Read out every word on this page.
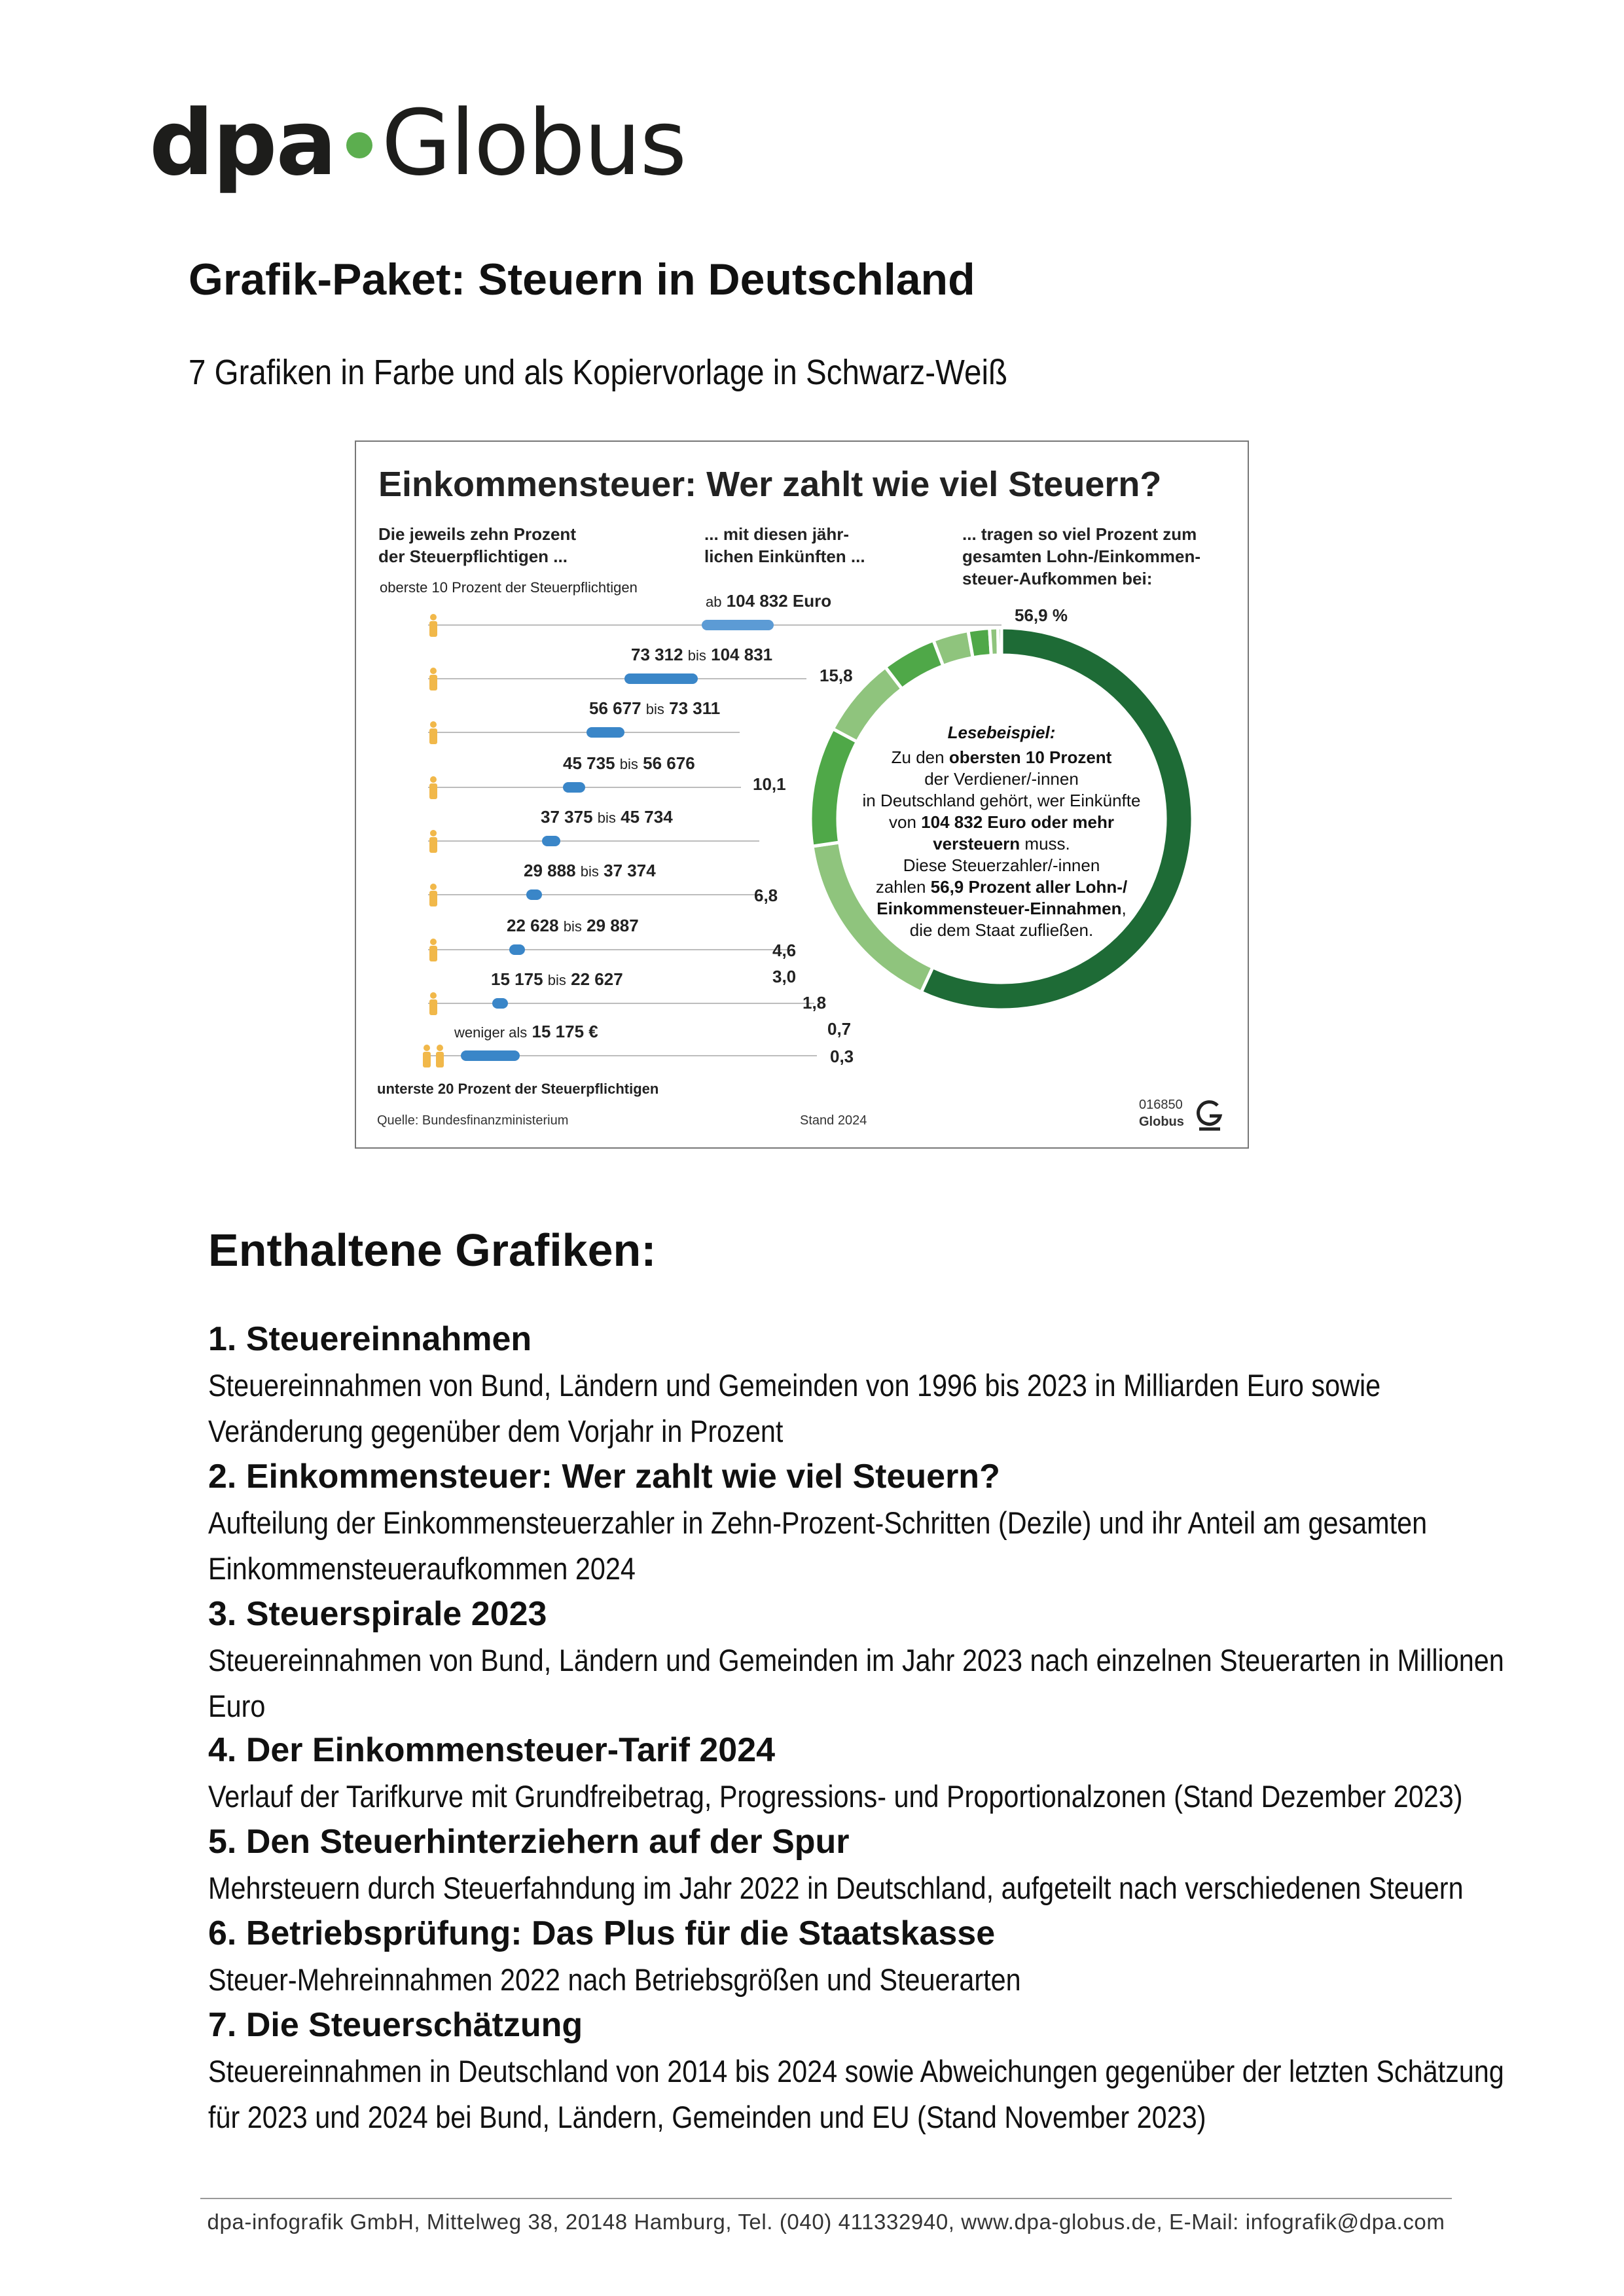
dpa Globus
Grafik-Paket: Steuern in Deutschland
7 Grafiken in Farbe und als Kopiervorlage in Schwarz-Weiß
Einkommensteuer: Wer zahlt wie viel Steuern?
Die jeweils zehn Prozent
der Steuerpflichtigen ...
... mit diesen jähr-
lichen Einkünften ...
... tragen so viel Prozent zum
gesamten Lohn-/Einkommen-
steuer-Aufkommen bei:
oberste 10 Prozent der Steuerpflichtigen
unterste 20 Prozent der Steuerpflichtigen
ab 104 832 Euro
56,9 %
73 312 bis 104 831
15,8
56 677 bis 73 311
10,1
45 735 bis 56 676
6,8
37 375 bis 45 734
4,6
29 888 bis 37 374
3,0
22 628 bis 29 887
1,8
15 175 bis 22 627
0,7
weniger als 15 175 €
0,3
Lesebeispiel:
Zu den obersten 10 Prozent
der Verdiener/-innen
in Deutschland gehört, wer Einkünfte
von 104 832 Euro oder mehr
versteuern muss.
Diese Steuerzahler/-innen
zahlen 56,9 Prozent aller Lohn-/
Einkommensteuer-Einnahmen,
die dem Staat zufließen.
Quelle: Bundesfinanzministerium	Stand 2024
016850
Globus
Enthaltene Grafiken:
1. Steuereinnahmen
Steuereinnahmen von Bund, Ländern und Gemeinden von 1996 bis 2023 in Milliarden Euro sowie
Veränderung gegenüber dem Vorjahr in Prozent
2. Einkommensteuer: Wer zahlt wie viel Steuern?
Aufteilung der Einkommensteuerzahler in Zehn-Prozent-Schritten (Dezile) und ihr Anteil am gesamten
Einkommensteueraufkommen 2024
3. Steuerspirale 2023
Steuereinnahmen von Bund, Ländern und Gemeinden im Jahr 2023 nach einzelnen Steuerarten in Millionen
Euro
4. Der Einkommensteuer-Tarif 2024
Verlauf der Tarifkurve mit Grundfreibetrag, Progressions- und Proportionalzonen (Stand Dezember 2023)
5. Den Steuerhinterziehern auf der Spur
Mehrsteuern durch Steuerfahndung im Jahr 2022 in Deutschland, aufgeteilt nach verschiedenen Steuern
6. Betriebsprüfung: Das Plus für die Staatskasse
Steuer-Mehreinnahmen 2022 nach Betriebsgrößen und Steuerarten
7. Die Steuerschätzung
Steuereinnahmen in Deutschland von 2014 bis 2024 sowie Abweichungen gegenüber der letzten Schätzung
für 2023 und 2024 bei Bund, Ländern, Gemeinden und EU (Stand November 2023)
dpa-infografik GmbH, Mittelweg 38, 20148 Hamburg, Tel. (040) 411332940, www.dpa-globus.de, E-Mail: infografik@dpa.com
